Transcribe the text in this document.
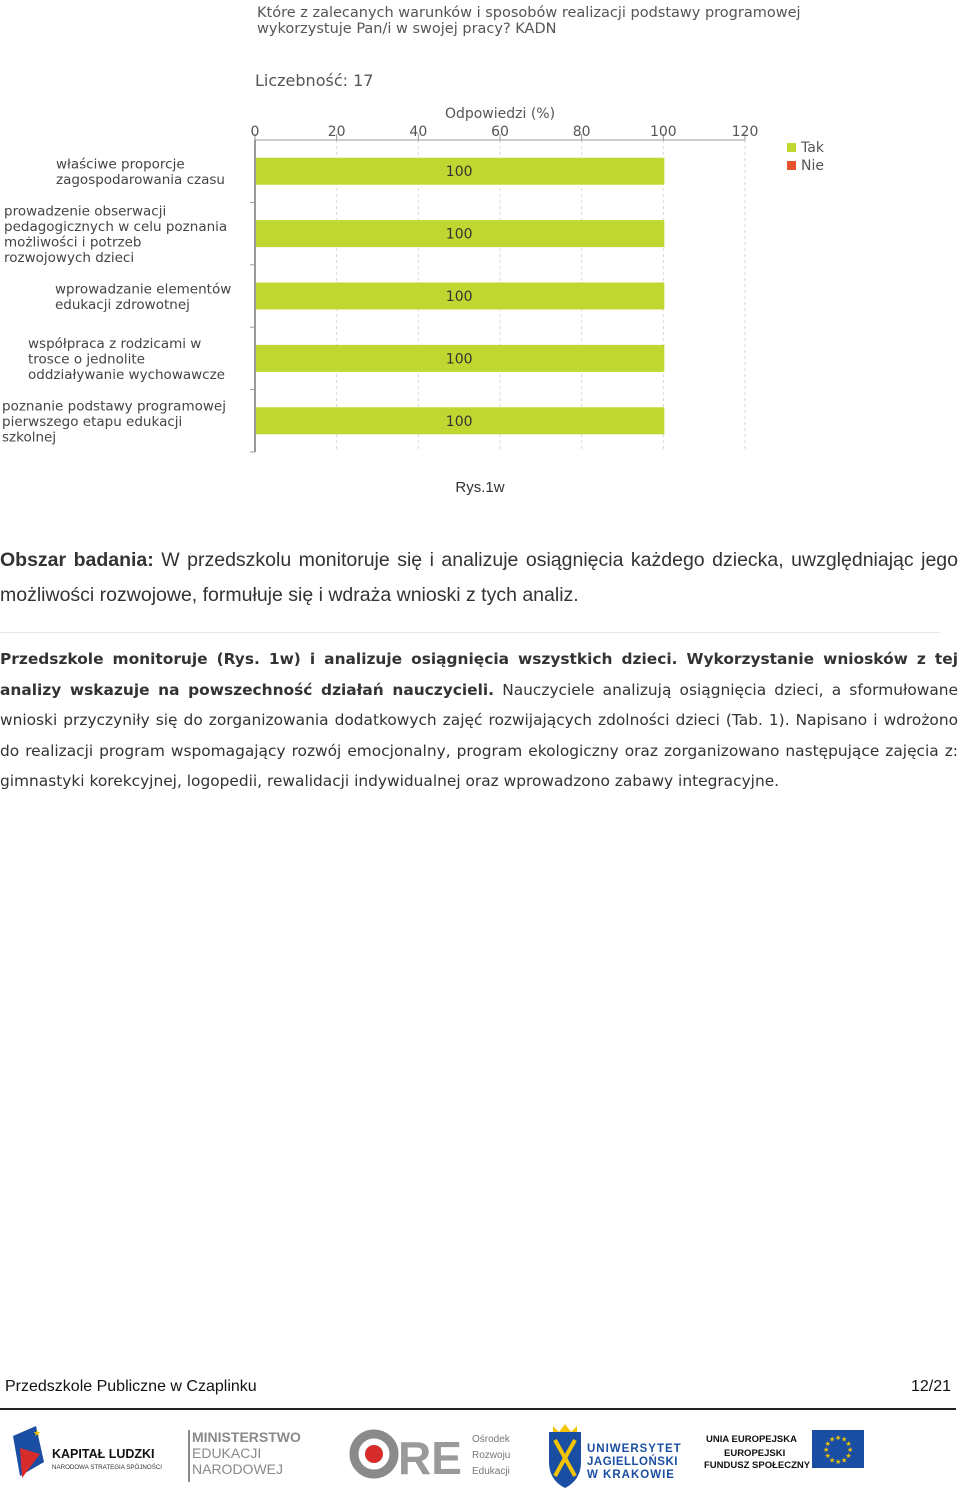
Które z zalecanych warunków i sposobów realizacji podstawy programowej
wykorzystuje Pan/i w swojej pracy? KADN
Liczebność: 17
Odpowiedzi (%)
0	20	40	60	80	100	120
100
100
100
100
100
właściwe proporcje
zagospodarowania czasu
prowadzenie obserwacji
pedagogicznych w celu poznania
możliwości i potrzeb
rozwojowych dzieci
wprowadzanie elementów
edukacji zdrowotnej
współpraca z rodzicami w
trosce o jednolite
oddziaływanie wychowawcze
poznanie podstawy programowej
pierwszego etapu edukacji
szkolnej
Tak
Nie
Rys.1w
Obszar badania: W przedszkolu monitoruje się i analizuje osiągnięcia każdego dziecka, uwzględniając jego możliwości rozwojowe, formułuje się i wdraża wnioski z tych analiz.
Przedszkole monitoruje (Rys. 1w) i analizuje osiągnięcia wszystkich dzieci. Wykorzystanie wniosków z tej analizy wskazuje na powszechność działań nauczycieli. Nauczyciele analizują osiągnięcia dzieci, a sformułowane wnioski przyczyniły się do zorganizowania dodatkowych zajęć rozwijających zdolności dzieci (Tab. 1). Napisano i wdrożono do realizacji program wspomagający rozwój emocjonalny, program ekologiczny oraz zorganizowano następujące zajęcia z: gimnastyki korekcyjnej, logopedii, rewalidacji indywidualnej oraz wprowadzono zabawy integracyjne.
Przedszkole Publiczne w Czaplinku	12/21
★
KAPITAŁ LUDZKI
NARODOWA STRATEGIA SPÓJNOŚCI
MINISTERSTWO
EDUKACJI
NARODOWEJ	RE Ośrodek
Rozwoju
Edukacji
UNIWERSYTET
JAGIELLOŃSKI
W KRAKOWIE
UNIA EUROPEJSKA
EUROPEJSKI
FUNDUSZ SPOŁECZNY
★
★
★
★
★
★
★
★
★ ★ ★
★
